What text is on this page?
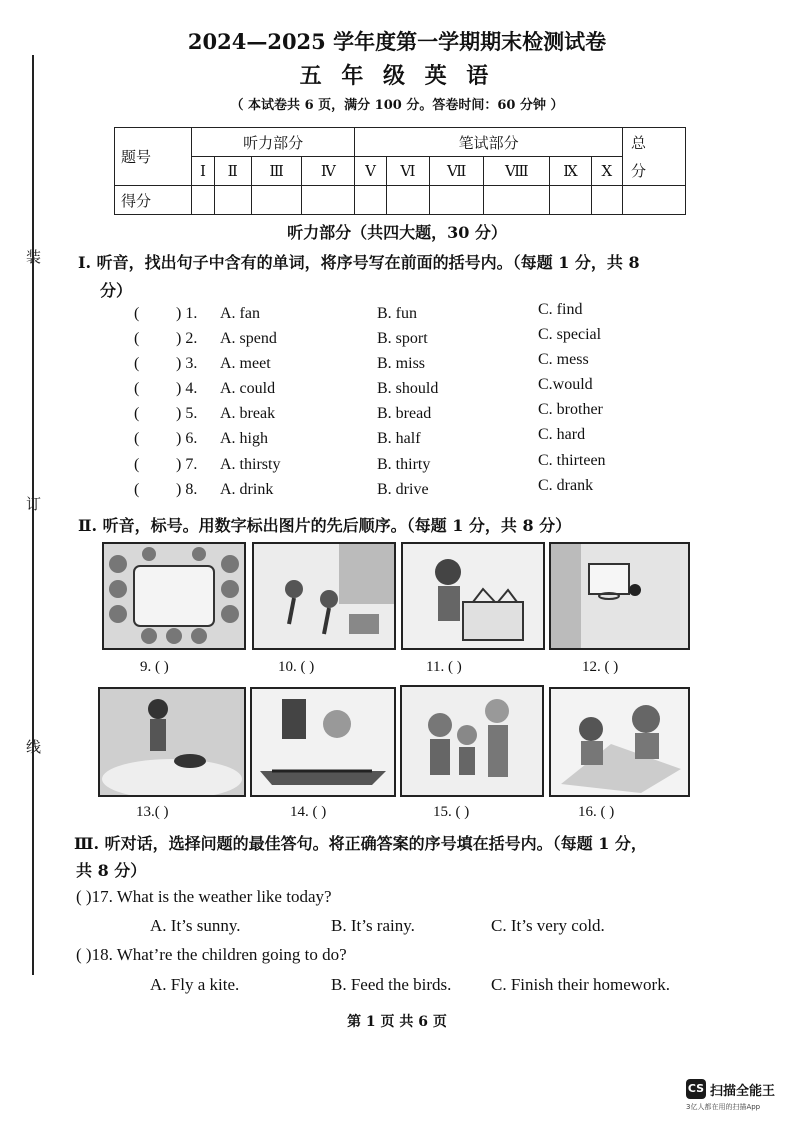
装
订
线
2024—2025 学年度第一学期期末检测试卷
五 年 级 英 语
（ 本试卷共 6 页，满分 100 分。答卷时间：60 分钟 ）
题号	听力部分				笔试部分						总
分
	Ⅰ	Ⅱ	Ⅲ	Ⅳ	Ⅴ	Ⅵ	Ⅶ	Ⅷ	Ⅸ	Ⅹ	
得分											
听力部分（共四大题，30 分）
Ⅰ. 听音，找出句子中含有的单词，将序号写在前面的括号内。（每题 1 分，共 8
分）
( ) 1. A. fan	B. fun	C. find
( ) 2. A. spend	B. sport	C. special
( ) 3. A. meet	B. miss	C. mess
( ) 4. A. could	B. should	C.would
( ) 5. A. break	B. bread	C. brother
( ) 6. A. high	B. half	C. hard
( ) 7. A. thirsty	B. thirty	C. thirteen
( ) 8. A. drink	B. drive	C. drank
Ⅱ. 听音，标号。用数字标出图片的先后顺序。（每题 1 分，共 8 分）
9. ( )	10. ( )	11. ( )	12. ( )
13.( )	14. ( )	15. ( )	16. ( )
Ⅲ. 听对话，选择问题的最佳答句。将正确答案的序号填在括号内。（每题 1 分，
共 8 分）
( )17. What is the weather like today?
A. It’s sunny.	B. It’s rainy.	C. It’s very cold.
( )18. What’re the children going to do?
A. Fly a kite.	B. Feed the birds. C. Finish their homework.
第 1 页 共 6 页
CS 扫描全能王
3亿人都在用的扫描App
